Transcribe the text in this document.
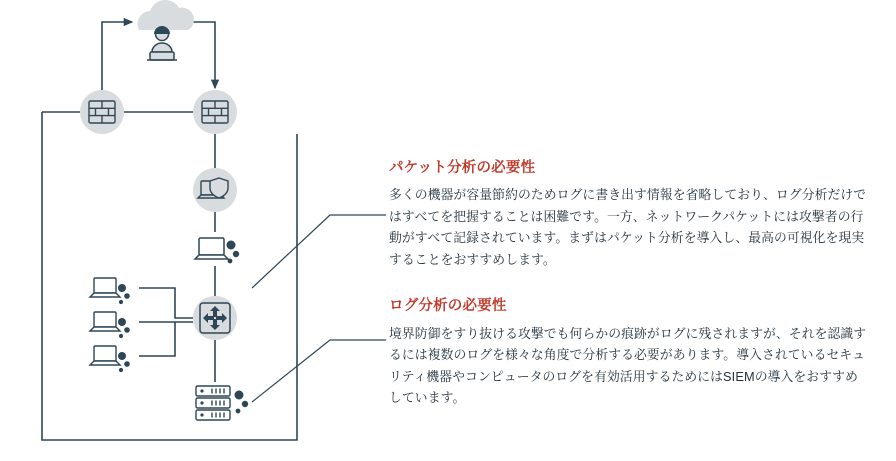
パケット分析の必要性

多くの機器が容量節約のためログに書き出す情報を省略しており、ログ分析だけではすべてを把握することは困難です。一方、ネットワークパケットには攻撃者の行動がすべて記録されています。まずはパケット分析を導入し、最高の可視化を現実することをおすすめします。

ログ分析の必要性

境界防御をすり抜ける攻撃でも何らかの痕跡がログに残されますが、それを認識するには複数のログを様々な角度で分析する必要があります。導入されているセキュリティ機器やコンピュータのログを有効活用するためにはSIEMの導入をおすすめしています。
